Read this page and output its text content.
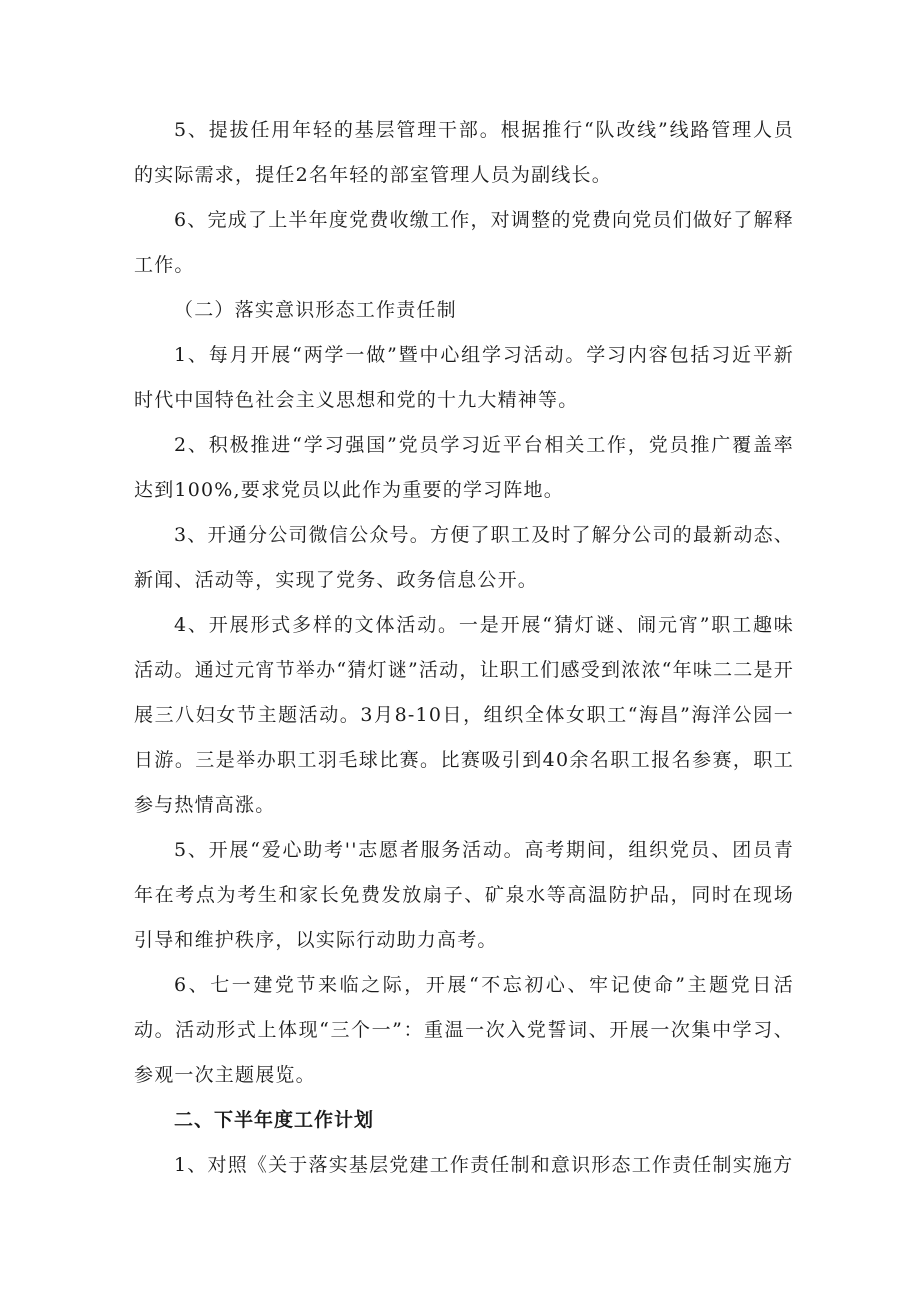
5、提拔任用年轻的基层管理干部。根据推行“队改线”线路管理人员的实际需求，提任2名年轻的部室管理人员为副线长。

6、完成了上半年度党费收缴工作，对调整的党费向党员们做好了解释工作。

（二）落实意识形态工作责任制

1、每月开展“两学一做”暨中心组学习活动。学习内容包括习近平新时代中国特色社会主义思想和党的十九大精神等。

2、积极推进“学习强国”党员学习近平台相关工作，党员推广覆盖率达到100%,要求党员以此作为重要的学习阵地。

3、开通分公司微信公众号。方便了职工及时了解分公司的最新动态、新闻、活动等，实现了党务、政务信息公开。

4、开展形式多样的文体活动。一是开展“猜灯谜、闹元宵”职工趣味活动。通过元宵节举办“猜灯谜”活动，让职工们感受到浓浓“年味二二是开展三八妇女节主题活动。3月8-10日，组织全体女职工“海昌”海洋公园一日游。三是举办职工羽毛球比赛。比赛吸引到40余名职工报名参赛，职工参与热情高涨。

5、开展“爱心助考''志愿者服务活动。高考期间，组织党员、团员青年在考点为考生和家长免费发放扇子、矿泉水等高温防护品，同时在现场引导和维护秩序，以实际行动助力高考。

6、七一建党节来临之际，开展“不忘初心、牢记使命”主题党日活动。活动形式上体现“三个一”：重温一次入党誓词、开展一次集中学习、参观一次主题展览。

二、下半年度工作计划

1、对照《关于落实基层党建工作责任制和意识形态工作责任制实施方
